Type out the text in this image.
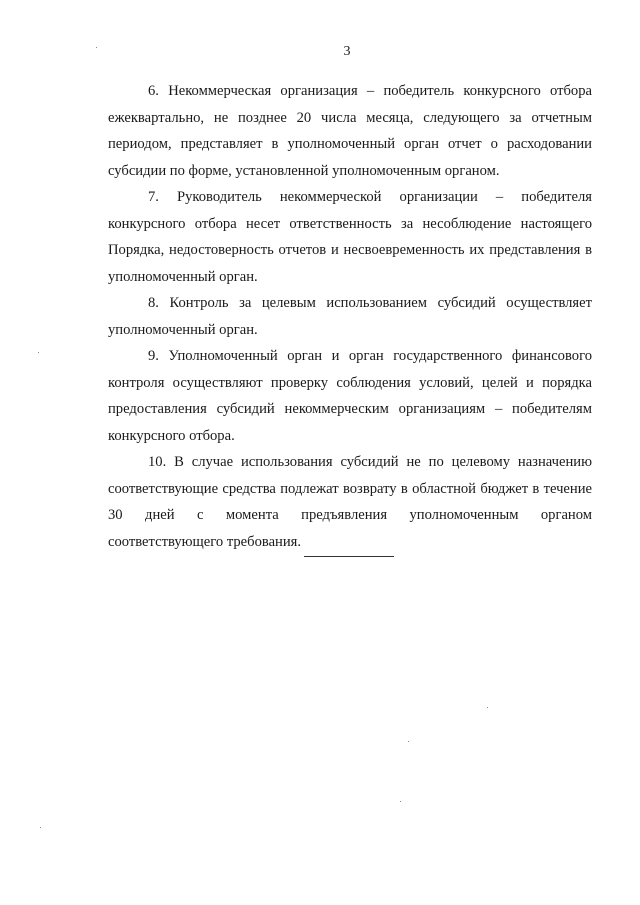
3

6. Некоммерческая организация – победитель конкурсного отбора ежеквартально, не позднее 20 числа месяца, следующего за отчетным периодом, представляет в уполномоченный орган отчет о расходовании субсидии по форме, установленной уполномоченным органом.

7. Руководитель некоммерческой организации – победителя конкурсного отбора несет ответственность за несоблюдение настоящего Порядка, недостоверность отчетов и несвоевременность их представления в уполномоченный орган.

8. Контроль за целевым использованием субсидий осуществляет уполномоченный орган.

9. Уполномоченный орган и орган государственного финансового контроля осуществляют проверку соблюдения условий, целей и порядка предоставления субсидий некоммерческим организациям – победителям конкурсного отбора.

10. В случае использования субсидий не по целевому назначению соответствующие средства подлежат возврату в областной бюджет в течение 30 дней с момента предъявления уполномоченным органом соответствующего требования.
